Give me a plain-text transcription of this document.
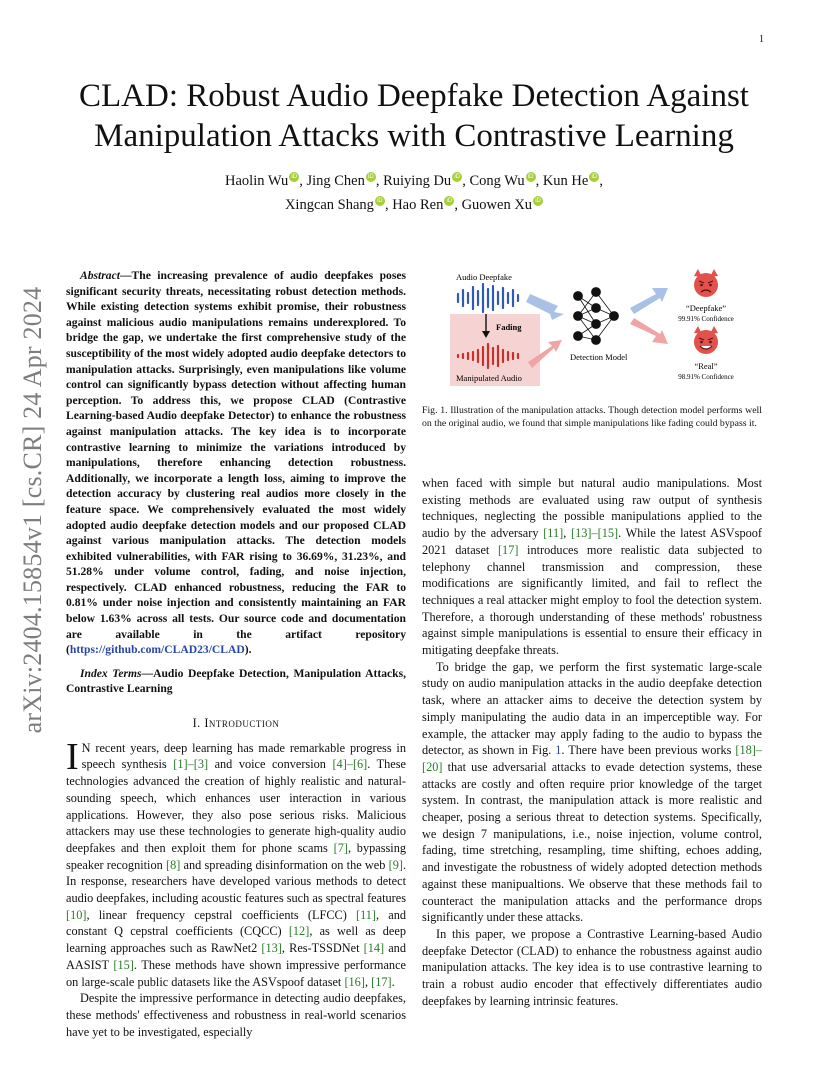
1
arXiv:2404.15854v1 [cs.CR] 24 Apr 2024
CLAD: Robust Audio Deepfake Detection Against
Manipulation Attacks with Contrastive Learning
Haolin Wu iD , Jing Chen iD , Ruiying Du iD , Cong Wu iD , Kun He iD ,
Xingcan Shang iD , Hao Ren iD , Guowen Xu iD

Abstract—The increasing prevalence of audio deepfakes poses significant security threats, necessitating robust detection methods. While existing detection systems exhibit promise, their robustness against malicious audio manipulations remains underexplored. To bridge the gap, we undertake the first comprehensive study of the susceptibility of the most widely adopted audio deepfake detectors to manipulation attacks. Surprisingly, even manipulations like volume control can significantly bypass detection without affecting human perception. To address this, we propose CLAD (Contrastive Learning-based Audio deepfake Detector) to enhance the robustness against manipulation attacks. The key idea is to incorporate contrastive learning to minimize the variations introduced by manipulations, therefore enhancing detection robustness. Additionally, we incorporate a length loss, aiming to improve the detection accuracy by clustering real audios more closely in the feature space. We comprehensively evaluated the most widely adopted audio deepfake detection models and our proposed CLAD against various manipulation attacks. The detection models exhibited vulnerabilities, with FAR rising to 36.69%, 31.23%, and 51.28% under volume control, fading, and noise injection, respectively. CLAD enhanced robustness, reducing the FAR to 0.81% under noise injection and consistently maintaining an FAR below 1.63% across all tests. Our source code and documentation are available in the artifact repository (https://github.com/CLAD23/CLAD).

Index Terms—Audio Deepfake Detection, Manipulation Attacks, Contrastive Learning

I. Introduction

I N recent years, deep learning has made remarkable progress in speech synthesis [1]–[3] and voice conversion [4]–[6]. These technologies advanced the creation of highly realistic and natural-sounding speech, which enhances user interaction in various applications. However, they also pose serious risks. Malicious attackers may use these technologies to generate high-quality audio deepfakes and then exploit them for phone scams [7], bypassing speaker recognition [8] and spreading disinformation on the web [9]. In response, researchers have developed various methods to detect audio deepfakes, including acoustic features such as spectral features [10], linear frequency cepstral coefficients (LFCC) [11], and constant Q cepstral coefficients (CQCC) [12], as well as deep learning approaches such as RawNet2 [13], Res-TSSDNet [14] and AASIST [15]. These methods have shown impressive performance on large-scale public datasets like the ASVspoof dataset [16], [17].

Despite the impressive performance in detecting audio deepfakes, these methods' effectiveness and robustness in real-world scenarios have yet to be investigated, especially

Audio Deepfake
Fading
Manipulated Audio
Detection Model
“Deepfake”
99.91% Confidence
“Real”
98.91% Confidence
Fig. 1. Illustration of the manipulation attacks. Though detection model performs well on the original audio, we found that simple manipulations like fading could bypass it.

when faced with simple but natural audio manipulations. Most existing methods are evaluated using raw output of synthesis techniques, neglecting the possible manipulations applied to the audio by the adversary [11], [13]–[15]. While the latest ASVspoof 2021 dataset [17] introduces more realistic data subjected to telephony channel transmission and compression, these modifications are significantly limited, and fail to reflect the techniques a real attacker might employ to fool the detection system. Therefore, a thorough understanding of these methods' robustness against simple manipulations is essential to ensure their efficacy in mitigating deepfake threats.

To bridge the gap, we perform the first systematic large-scale study on audio manipulation attacks in the audio deepfake detection task, where an attacker aims to deceive the detection system by simply manipulating the audio data in an imperceptible way. For example, the attacker may apply fading to the audio to bypass the detector, as shown in Fig. 1. There have been previous works [18]–[20] that use adversarial attacks to evade detection systems, these attacks are costly and often require prior knowledge of the target system. In contrast, the manipulation attack is more realistic and cheaper, posing a serious threat to detection systems. Specifically, we design 7 manipulations, i.e., noise injection, volume control, fading, time stretching, resampling, time shifting, echoes adding, and investigate the robustness of widely adopted detection methods against these manipualtions. We observe that these methods fail to counteract the manipulation attacks and the performance drops significantly under these attacks.

In this paper, we propose a Contrastive Learning-based Audio deepfake Detector (CLAD) to enhance the robustness against audio manipulation attacks. The key idea is to use contrastive learning to train a robust audio encoder that effectively differentiates audio deepfakes by learning intrinsic features.
